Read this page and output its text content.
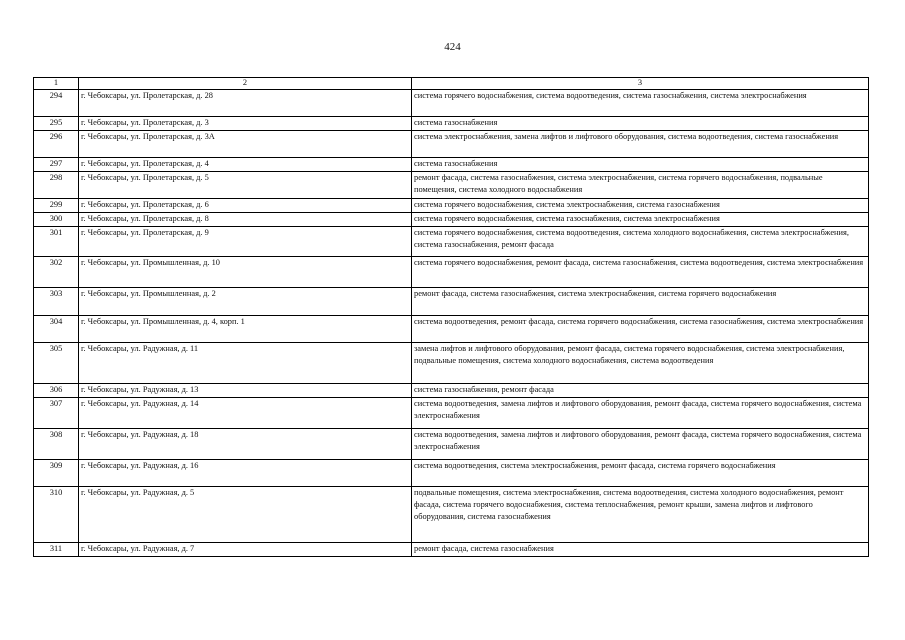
424
1	2	3
294	г. Чебоксары, ул. Пролетарская, д. 28	система горячего водоснабжения, система водоотведения, система газоснабжения, система электроснабжения
295	г. Чебоксары, ул. Пролетарская, д. 3	система газоснабжения
296	г. Чебоксары, ул. Пролетарская, д. 3А	система электроснабжения, замена лифтов и лифтового оборудования, система водоотведения, система газоснабжения
297	г. Чебоксары, ул. Пролетарская, д. 4	система газоснабжения
298	г. Чебоксары, ул. Пролетарская, д. 5	ремонт фасада, система газоснабжения, система электроснабжения, система горячего водоснабжения, подвальные помещения, система холодного водоснабжения
299	г. Чебоксары, ул. Пролетарская, д. 6	система горячего водоснабжения, система электроснабжения, система газоснабжения
300	г. Чебоксары, ул. Пролетарская, д. 8	система горячего водоснабжения, система газоснабжения, система электроснабжения
301	г. Чебоксары, ул. Пролетарская, д. 9	система горячего водоснабжения, система водоотведения, система холодного водоснабжения, система электроснабжения, система газоснабжения, ремонт фасада
302	г. Чебоксары, ул. Промышленная, д. 10	система горячего водоснабжения, ремонт фасада, система газоснабжения, система водоотведения, система электроснабжения
303	г. Чебоксары, ул. Промышленная, д. 2	ремонт фасада, система газоснабжения, система электроснабжения, система горячего водоснабжения
304	г. Чебоксары, ул. Промышленная, д. 4, корп. 1	система водоотведения, ремонт фасада, система горячего водоснабжения, система газоснабжения, система электроснабжения
305	г. Чебоксары, ул. Радужная, д. 11	замена лифтов и лифтового оборудования, ремонт фасада, система горячего водоснабжения, система электроснабжения, подвальные помещения, система холодного водоснабжения, система водоотведения
306	г. Чебоксары, ул. Радужная, д. 13	система газоснабжения, ремонт фасада
307	г. Чебоксары, ул. Радужная, д. 14	система водоотведения, замена лифтов и лифтового оборудования, ремонт фасада, система горячего водоснабжения, система электроснабжения
308	г. Чебоксары, ул. Радужная, д. 18	система водоотведения, замена лифтов и лифтового оборудования, ремонт фасада, система горячего водоснабжения, система электроснабжения
309	г. Чебоксары, ул. Радужная, д. 16	система водоотведения, система электроснабжения, ремонт фасада, система горячего водоснабжения
310	г. Чебоксары, ул. Радужная, д. 5	подвальные помещения, система электроснабжения, система водоотведения, система холодного водоснабжения, ремонт фасада, система горячего водоснабжения, система теплоснабжения, ремонт крыши, замена лифтов и лифтового оборудования, система газоснабжения
311	г. Чебоксары, ул. Радужная, д. 7	ремонт фасада, система газоснабжения
